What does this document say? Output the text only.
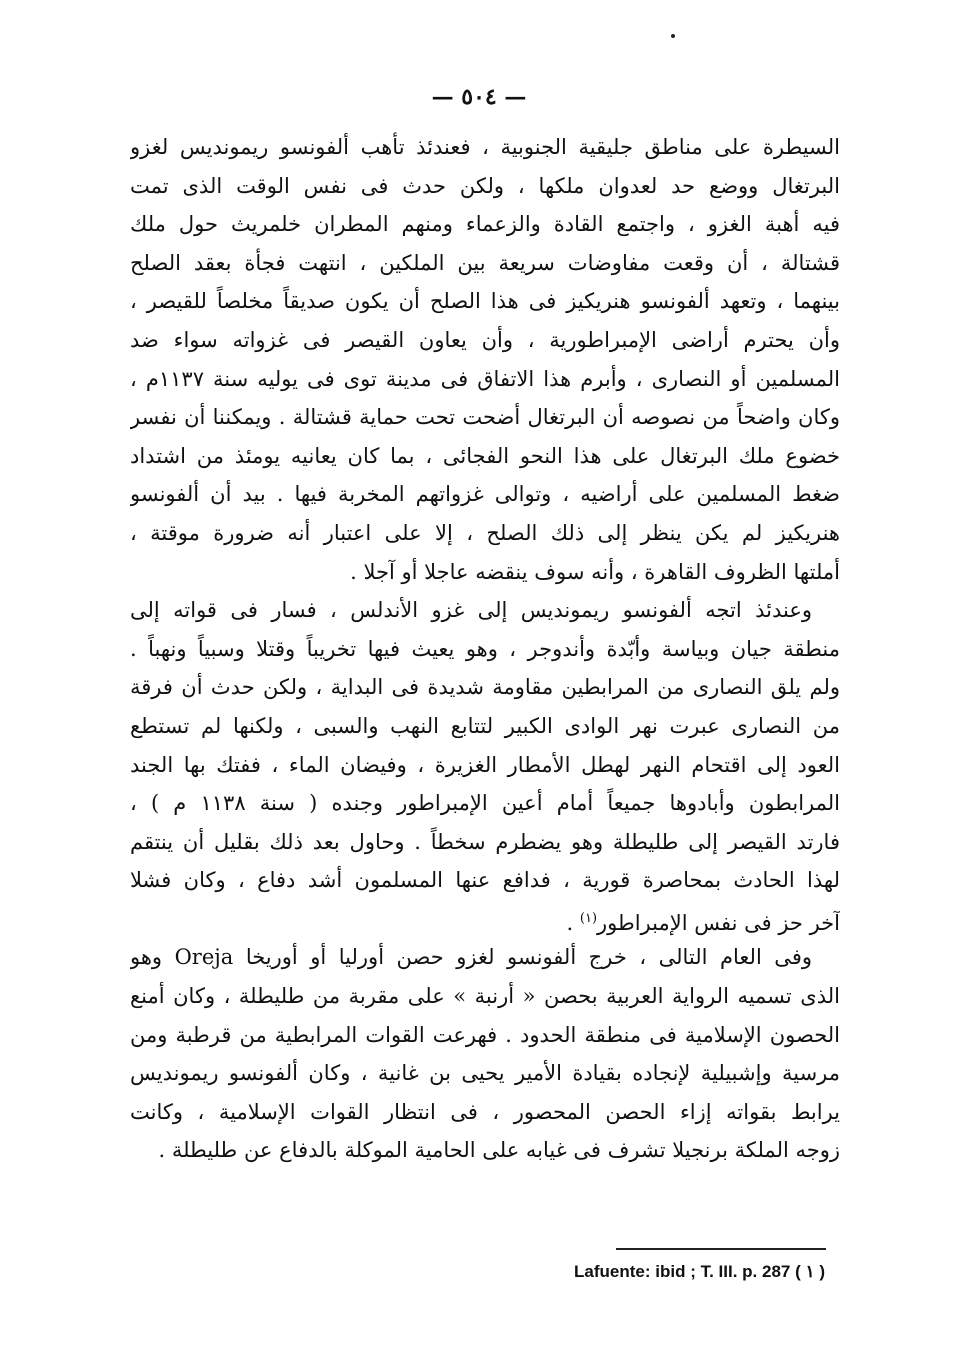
— ٥٠٤ —
السيطرة على مناطق جليقية الجنوبية ، فعندئذ تأهب ألفونسو ريموندیس لغزو
البرتغال ووضع حد لعدوان ملكها ، ولكن حدث فى نفس الوقت الذى تمت
فيه أهبة الغزو ، واجتمع القادة والزعماء ومنهم المطران خلمريث حول ملك
قشتالة ، أن وقعت مفاوضات سريعة بين الملكين ، انتهت فجأة بعقد الصلح
بينهما ، وتعهد ألفونسو هنريكيز فى هذا الصلح أن يكون صديقاً مخلصاً للقيصر ،
وأن يحترم أراضى الإمبراطورية ، وأن يعاون القيصر فى غزواته سواء ضد
المسلمين أو النصارى ، وأبرم هذا الاتفاق فى مدينة توى فى يوليه سنة ١١٣٧م ،
وكان واضحاً من نصوصه أن البرتغال أضحت تحت حماية قشتالة . ويمكننا أن نفسر
خضوع ملك البرتغال على هذا النحو الفجائى ، بما كان يعانيه يومئذ من اشتداد
ضغط المسلمين على أراضيه ، وتوالى غزواتهم المخربة فيها . بيد أن ألفونسو
هنريكيز لم يكن ينظر إلى ذلك الصلح ، إلا على اعتبار أنه ضرورة موقتة ،
أملتها الظروف القاهرة ، وأنه سوف ينقضه عاجلا أو آجلا .
وعندئذ اتجه ألفونسو ريموندیس إلى غزو الأندلس ، فسار فى قواته إلى
منطقة جيان وبياسة وأبّدة وأندوجر ، وهو يعيث فيها تخريباً وقتلا وسبياً ونهباً .
ولم يلق النصارى من المرابطين مقاومة شديدة فى البداية ، ولكن حدث أن فرقة
من النصارى عبرت نهر الوادى الكبير لتتابع النهب والسبى ، ولكنها لم تستطع
العود إلى اقتحام النهر لهطل الأمطار الغزيرة ، وفيضان الماء ، ففتك بها الجند
المرابطون وأبادوها جميعاً أمام أعين الإمبراطور وجنده ( سنة ١١٣٨ م ) ،
فارتد القيصر إلى طليطلة وهو يضطرم سخطاً . وحاول بعد ذلك بقليل أن ينتقم
لهذا الحادث بمحاصرة قورية ، فدافع عنها المسلمون أشد دفاع ، وكان فشلا
آخر حز فى نفس الإمبراطور$^{(١)}$ .
وفى العام التالى ، خرج ألفونسو لغزو حصن أورليا أو أوريخا Oreja وهو
الذى تسميه الرواية العربية بحصن « أرنبة » على مقربة من طليطلة ، وكان أمنع
الحصون الإسلامية فى منطقة الحدود . فهرعت القوات المرابطية من قرطبة ومن
مرسية وإشبيلية لإنجاده بقيادة الأمير يحيى بن غانية ، وكان ألفونسو ريموندیس
يرابط بقواته إزاء الحصن المحصور ، فى انتظار القوات الإسلامية ، وكانت
زوجه الملكة برنجيلا تشرف فى غيابه على الحامية الموكلة بالدفاع عن طليطلة .
Lafuente: ibid ; T. III. p. 287 ( ١ )
